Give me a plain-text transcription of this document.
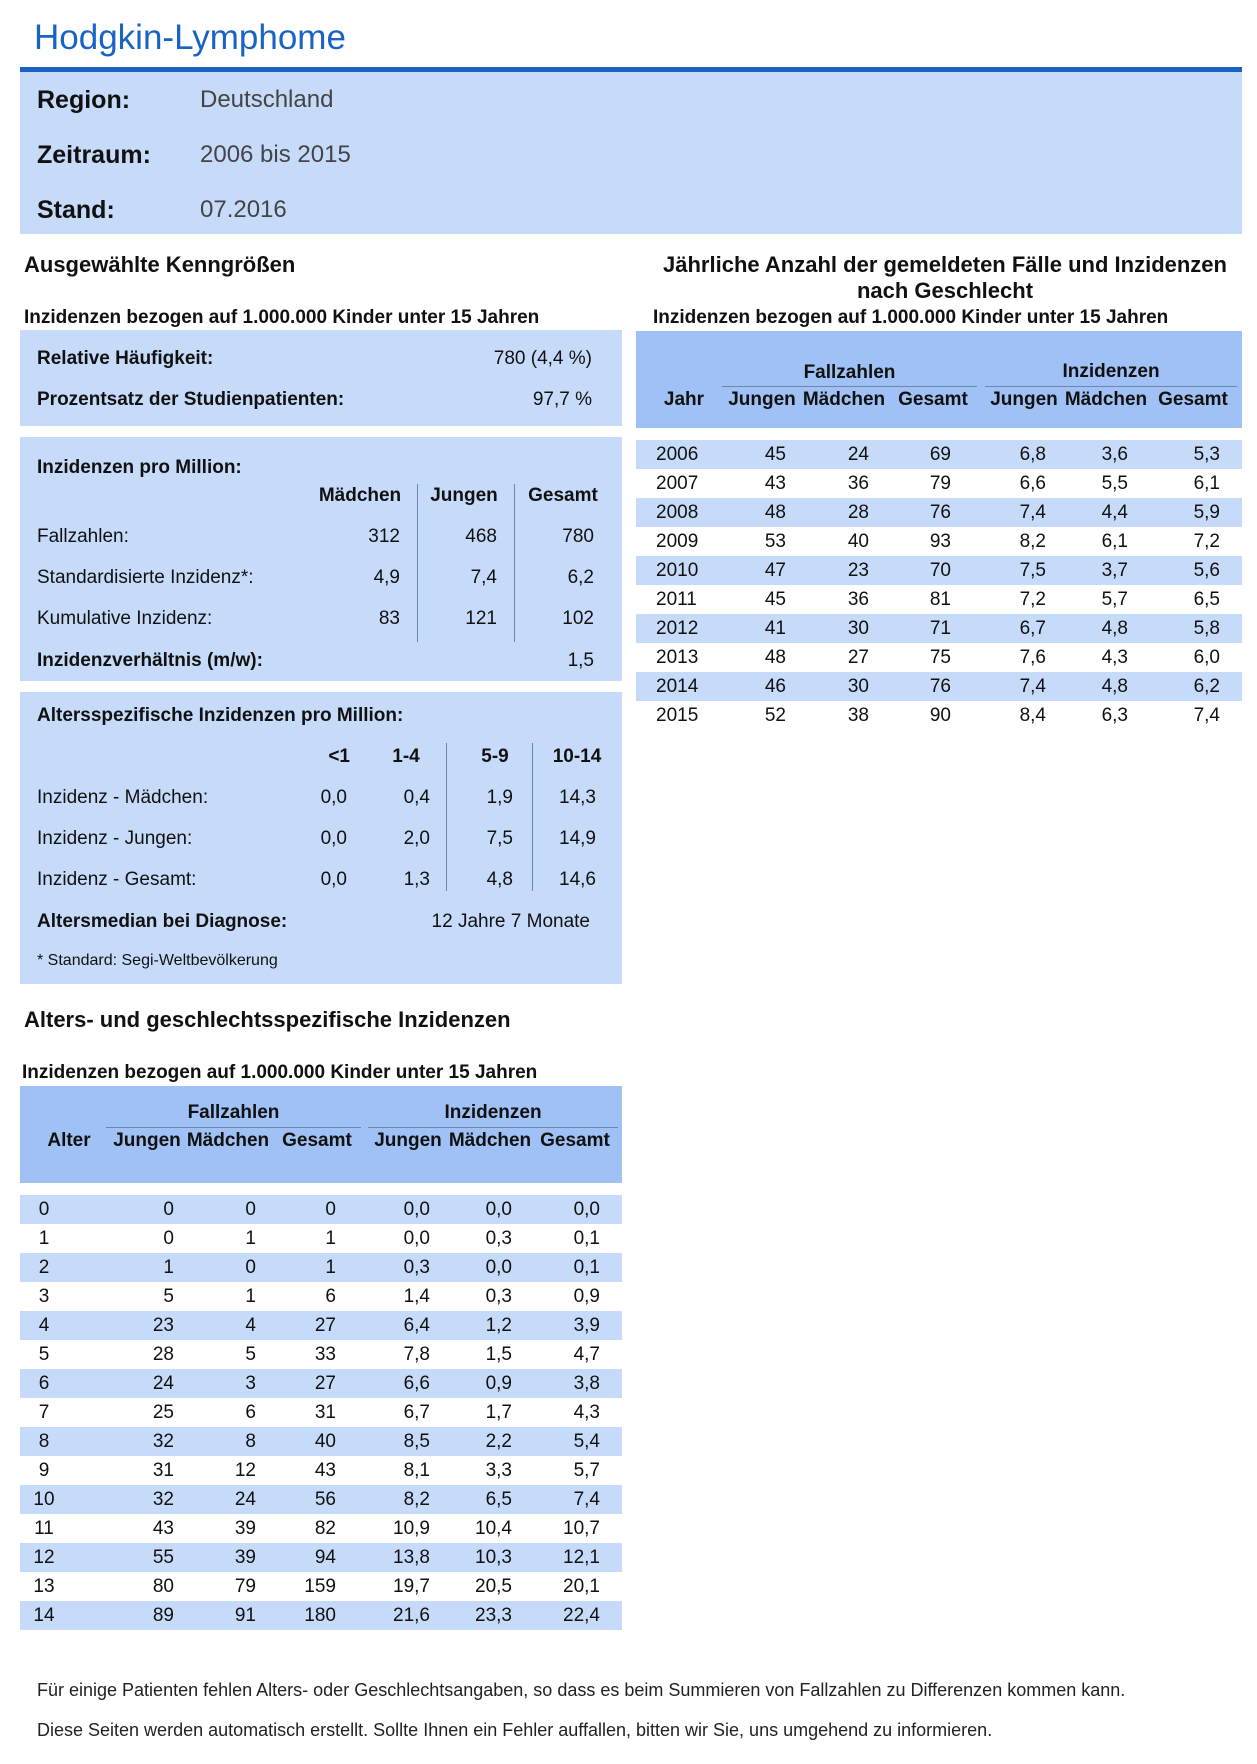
Hodgkin-Lymphome
Region:	Deutschland
Zeitraum: 2006 bis 2015
Stand:	07.2016
Ausgewählte Kenngrößen
Inzidenzen bezogen auf 1.000.000 Kinder unter 15 Jahren
Relative Häufigkeit:	780 (4,4 %)
Prozentsatz der Studienpatienten:	97,7 %
Inzidenzen pro Million:
Mädchen	Jungen	Gesamt
Fallzahlen:	312	468	780
Standardisierte Inzidenz*:	4,9	7,4	6,2
Kumulative Inzidenz:	83	121	102
Inzidenzverhältnis (m/w):	1,5
Altersspezifische Inzidenzen pro Million:
<1	1-4	5-9	10-14
Inzidenz - Mädchen:	0,0	0,4	1,9 14,3
Inzidenz - Jungen:	0,0	2,0	7,5 14,9
Inzidenz - Gesamt:	0,0	1,3	4,8 14,6
Altersmedian bei Diagnose:	12 Jahre 7 Monate
* Standard: Segi-Weltbevölkerung
Jährliche Anzahl der gemeldeten Fälle und Inzidenzen
nach Geschlecht
Inzidenzen bezogen auf 1.000.000 Kinder unter 15 Jahren
Fallzahlen	Inzidenzen
Jahr	Jungen Mädchen Gesamt	Jungen Mädchen Gesamt
2006	45	24	69	6,8	3,6	5,3
2007	43	36	79	6,6	5,5	6,1
2008	48	28	76	7,4	4,4	5,9
2009	53	40	93	8,2	6,1	7,2
2010	47	23	70	7,5	3,7	5,6
2011	45	36	81	7,2	5,7	6,5
2012	41	30	71	6,7	4,8	5,8
2013	48	27	75	7,6	4,3	6,0
2014	46	30	76	7,4	4,8	6,2
2015	52	38	90	8,4	6,3	7,4
Alters- und geschlechtsspezifische Inzidenzen
Inzidenzen bezogen auf 1.000.000 Kinder unter 15 Jahren
Fallzahlen	Inzidenzen
Alter	Jungen Mädchen Gesamt	Jungen Mädchen Gesamt
0	0	0	0	0,0	0,0	0,0
1	0	1	1	0,0	0,3	0,1
2	1	0	1	0,3	0,0	0,1
3	5	1	6	1,4	0,3	0,9
4	23	4	27	6,4	1,2	3,9
5	28	5	33	7,8	1,5	4,7
6	24	3	27	6,6	0,9	3,8
7	25	6	31	6,7	1,7	4,3
8	32	8	40	8,5	2,2	5,4
9	31	12	43	8,1	3,3	5,7
10	32	24	56	8,2	6,5	7,4
11	43	39	82	10,9	10,4	10,7
12	55	39	94	13,8	10,3	12,1
13	80	79	159	19,7	20,5	20,1
14	89	91	180	21,6	23,3	22,4
Für einige Patienten fehlen Alters- oder Geschlechtsangaben, so dass es beim Summieren von Fallzahlen zu Differenzen kommen kann.
Diese Seiten werden automatisch erstellt. Sollte Ihnen ein Fehler auffallen, bitten wir Sie, uns umgehend zu informieren.
